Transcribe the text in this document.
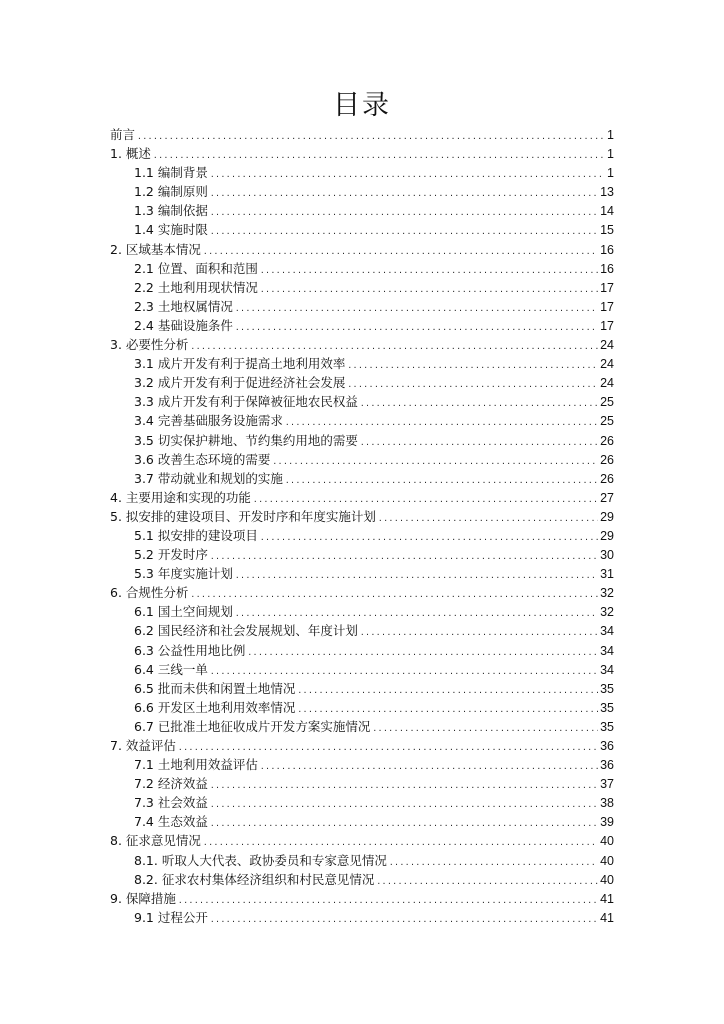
目录
前言 .....	1
1. 概述 .....	1
1.1 编制背景 .....	1
1.2 编制原则 .....	13
1.3 编制依据 .....	14
1.4 实施时限 .....	15
2. 区域基本情况 .....	16
2.1 位置、面积和范围 .....	16
2.2 土地利用现状情况 .....	17
2.3 土地权属情况 .....	17
2.4 基础设施条件 .....	17
3. 必要性分析 .....	24
3.1 成片开发有利于提高土地利用效率 .....	24
3.2 成片开发有利于促进经济社会发展 .....	24
3.3 成片开发有利于保障被征地农民权益 .....	25
3.4 完善基础服务设施需求 .....	25
3.5 切实保护耕地、节约集约用地的需要 .....	26
3.6 改善生态环境的需要 .....	26
3.7 带动就业和规划的实施 .....	26
4. 主要用途和实现的功能 .....	27
5. 拟安排的建设项目、开发时序和年度实施计划 .....	29
5.1 拟安排的建设项目 .....	29
5.2 开发时序 .....	30
5.3 年度实施计划 .....	31
6. 合规性分析 .....	32
6.1 国土空间规划 .....	32
6.2 国民经济和社会发展规划、年度计划 .....	34
6.3 公益性用地比例 .....	34
6.4 三线一单 .....	34
6.5 批而未供和闲置土地情况 .....	35
6.6 开发区土地利用效率情况 .....	35
6.7 已批准土地征收成片开发方案实施情况 .....	35
7. 效益评估 .....	36
7.1 土地利用效益评估 .....	36
7.2 经济效益 .....	37
7.3 社会效益 .....	38
7.4 生态效益 .....	39
8. 征求意见情况 .....	40
8.1. 听取人大代表、政协委员和专家意见情况 .....	40
8.2. 征求农村集体经济组织和村民意见情况 .....	40
9. 保障措施 .....	41
9.1 过程公开 .....	41
